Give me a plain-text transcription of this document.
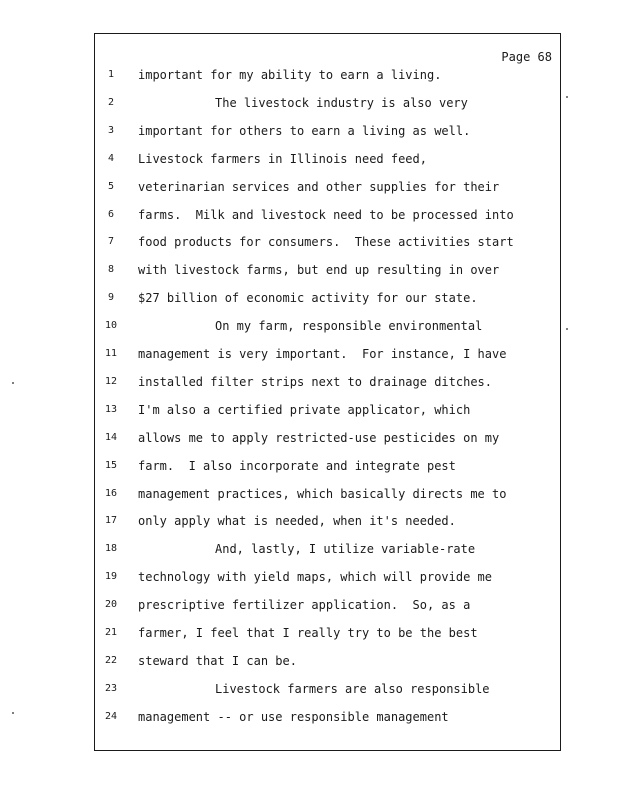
Page 68
1	important for my ability to earn a living.
2	The livestock industry is also very
3	important for others to earn a living as well.
4	Livestock farmers in Illinois need feed,
5	veterinarian services and other supplies for their
6	farms.  Milk and livestock need to be processed into
7	food products for consumers.  These activities start
8	with livestock farms, but end up resulting in over
9	$27 billion of economic activity for our state.
10	On my farm, responsible environmental
11	management is very important.  For instance, I have
12	installed filter strips next to drainage ditches.
13	I'm also a certified private applicator, which
14	allows me to apply restricted-use pesticides on my
15	farm.  I also incorporate and integrate pest
16	management practices, which basically directs me to
17	only apply what is needed, when it's needed.
18	And, lastly, I utilize variable-rate
19	technology with yield maps, which will provide me
20	prescriptive fertilizer application.  So, as a
21	farmer, I feel that I really try to be the best
22	steward that I can be.
23	Livestock farmers are also responsible
24	management -- or use responsible management
